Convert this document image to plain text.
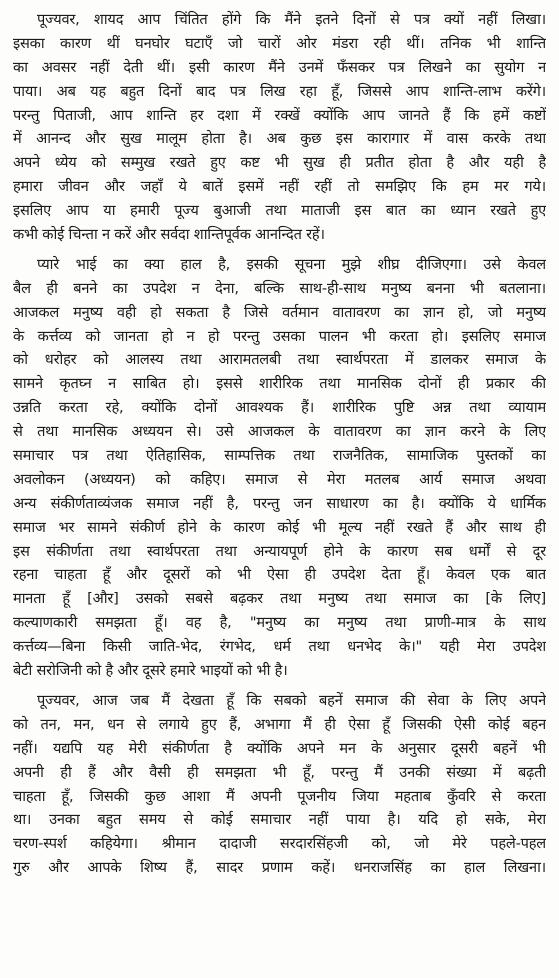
पूज्यवर, शायद आप चिंतित होंगे कि मैंने इतने दिनों से पत्र क्यों नहीं लिखा।
इसका कारण थीं घनघोर घटाएँ जो चारों ओर मंडरा रही थीं। तनिक भी शान्ति
का अवसर नहीं देती थीं। इसी कारण मैंने उनमें फँसकर पत्र लिखने का सुयोग न
पाया। अब यह बहुत दिनों बाद पत्र लिख रहा हूँ, जिससे आप शान्ति-लाभ करेंगे।
परन्तु पिताजी, आप शान्ति हर दशा में रक्खें क्योंकि आप जानते हैं कि हमें कष्टों
में आनन्द और सुख मालूम होता है। अब कुछ इस कारागार में वास करके तथा
अपने ध्येय को सम्मुख रखते हुए कष्ट भी सुख ही प्रतीत होता है और यही है
हमारा जीवन और जहाँ ये बातें इसमें नहीं रहीं तो समझिए कि हम मर गये।
इसलिए आप या हमारी पूज्य बुआजी तथा माताजी इस बात का ध्यान रखते हुए
कभी कोई चिन्ता न करें और सर्वदा शान्तिपूर्वक आनन्दित रहें।
प्यारे भाई का क्या हाल है, इसकी सूचना मुझे शीघ्र दीजिएगा। उसे केवल
बैल ही बनने का उपदेश न देना, बल्कि साथ-ही-साथ मनुष्य बनना भी बतलाना।
आजकल मनुष्य वही हो सकता है जिसे वर्तमान वातावरण का ज्ञान हो, जो मनुष्य
के कर्त्तव्य को जानता हो न हो परन्तु उसका पालन भी करता हो। इसलिए समाज
को धरोहर को आलस्य तथा आरामतलबी तथा स्वार्थपरता में डालकर समाज के
सामने कृतघ्न न साबित हो। इससे शारीरिक तथा मानसिक दोनों ही प्रकार की
उन्नति करता रहे, क्योंकि दोनों आवश्यक हैं। शारीरिक पुष्टि अन्न तथा व्यायाम
से तथा मानसिक अध्ययन से। उसे आजकल के वातावरण का ज्ञान करने के लिए
समाचार पत्र तथा ऐतिहासिक, साम्पत्तिक तथा राजनैतिक, सामाजिक पुस्तकों का
अवलोकन (अध्ययन) को कहिए। समाज से मेरा मतलब आर्य समाज अथवा
अन्य संकीर्णताव्यंजक समाज नहीं है, परन्तु जन साधारण का है। क्योंकि ये धार्मिक
समाज भर सामने संकीर्ण होने के कारण कोई भी मूल्य नहीं रखते हैं और साथ ही
इस संकीर्णता तथा स्वार्थपरता तथा अन्यायपूर्ण होने के कारण सब धर्मों से दूर
रहना चाहता हूँ और दूसरों को भी ऐसा ही उपदेश देता हूँ। केवल एक बात
मानता हूँ [और] उसको सबसे बढ़कर तथा मनुष्य तथा समाज का [के लिए]
कल्याणकारी समझता हूँ। वह है, "मनुष्य का मनुष्य तथा प्राणी-मात्र के साथ
कर्त्तव्य—बिना किसी जाति-भेद, रंगभेद, धर्म तथा धनभेद के।" यही मेरा उपदेश
बेटी सरोजिनी को है और दूसरे हमारे भाइयों को भी है।
पूज्यवर, आज जब मैं देखता हूँ कि सबको बहनें समाज की सेवा के लिए अपने
को तन, मन, धन से लगाये हुए हैं, अभागा मैं ही ऐसा हूँ जिसकी ऐसी कोई बहन
नहीं। यद्यपि यह मेरी संकीर्णता है क्योंकि अपने मन के अनुसार दूसरी बहनें भी
अपनी ही हैं और वैसी ही समझता भी हूँ, परन्तु मैं उनकी संख्या में बढ़ती
चाहता हूँ, जिसकी कुछ आशा मैं अपनी पूजनीय जिया महताब कुँवरि से करता
था। उनका बहुत समय से कोई समाचार नहीं पाया है। यदि हो सके, मेरा
चरण-स्पर्श कहियेगा। श्रीमान दादाजी सरदारसिंहजी को, जो मेरे पहले-पहल
गुरु और आपके शिष्य हैं, सादर प्रणाम कहें। धनराजसिंह का हाल लिखना।
